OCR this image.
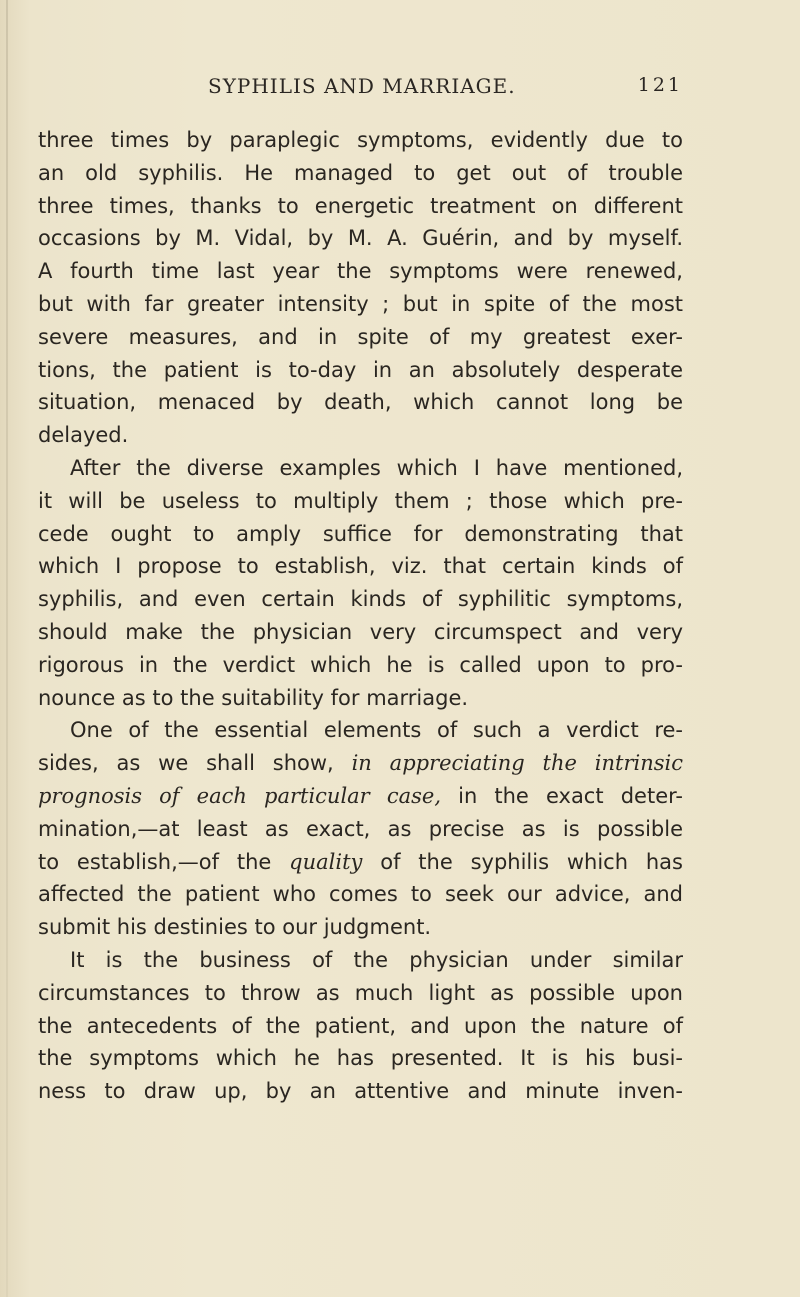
SYPHILIS AND MARRIAGE.	121
three times by paraplegic symptoms, evidently due to
an old syphilis. He managed to get out of trouble
three times, thanks to energetic treatment on different
occasions by M. Vidal, by M. A. Guérin, and by myself.
A fourth time last year the symptoms were renewed,
but with far greater intensity ; but in spite of the most
severe measures, and in spite of my greatest exer-
tions, the patient is to-day in an absolutely desperate
situation, menaced by death, which cannot long be
delayed.
After the diverse examples which I have mentioned,
it will be useless to multiply them ; those which pre-
cede ought to amply suffice for demonstrating that
which I propose to establish, viz. that certain kinds of
syphilis, and even certain kinds of syphilitic symptoms,
should make the physician very circumspect and very
rigorous in the verdict which he is called upon to pro-
nounce as to the suitability for marriage.
One of the essential elements of such a verdict re-
sides, as we shall show, in appreciating the intrinsic
prognosis of each particular case, in the exact deter-
mination,—at least as exact, as precise as is possible
to establish,—of the quality of the syphilis which has
affected the patient who comes to seek our advice, and
submit his destinies to our judgment.
It is the business of the physician under similar
circumstances to throw as much light as possible upon
the antecedents of the patient, and upon the nature of
the symptoms which he has presented. It is his busi-
ness to draw up, by an attentive and minute inven-
